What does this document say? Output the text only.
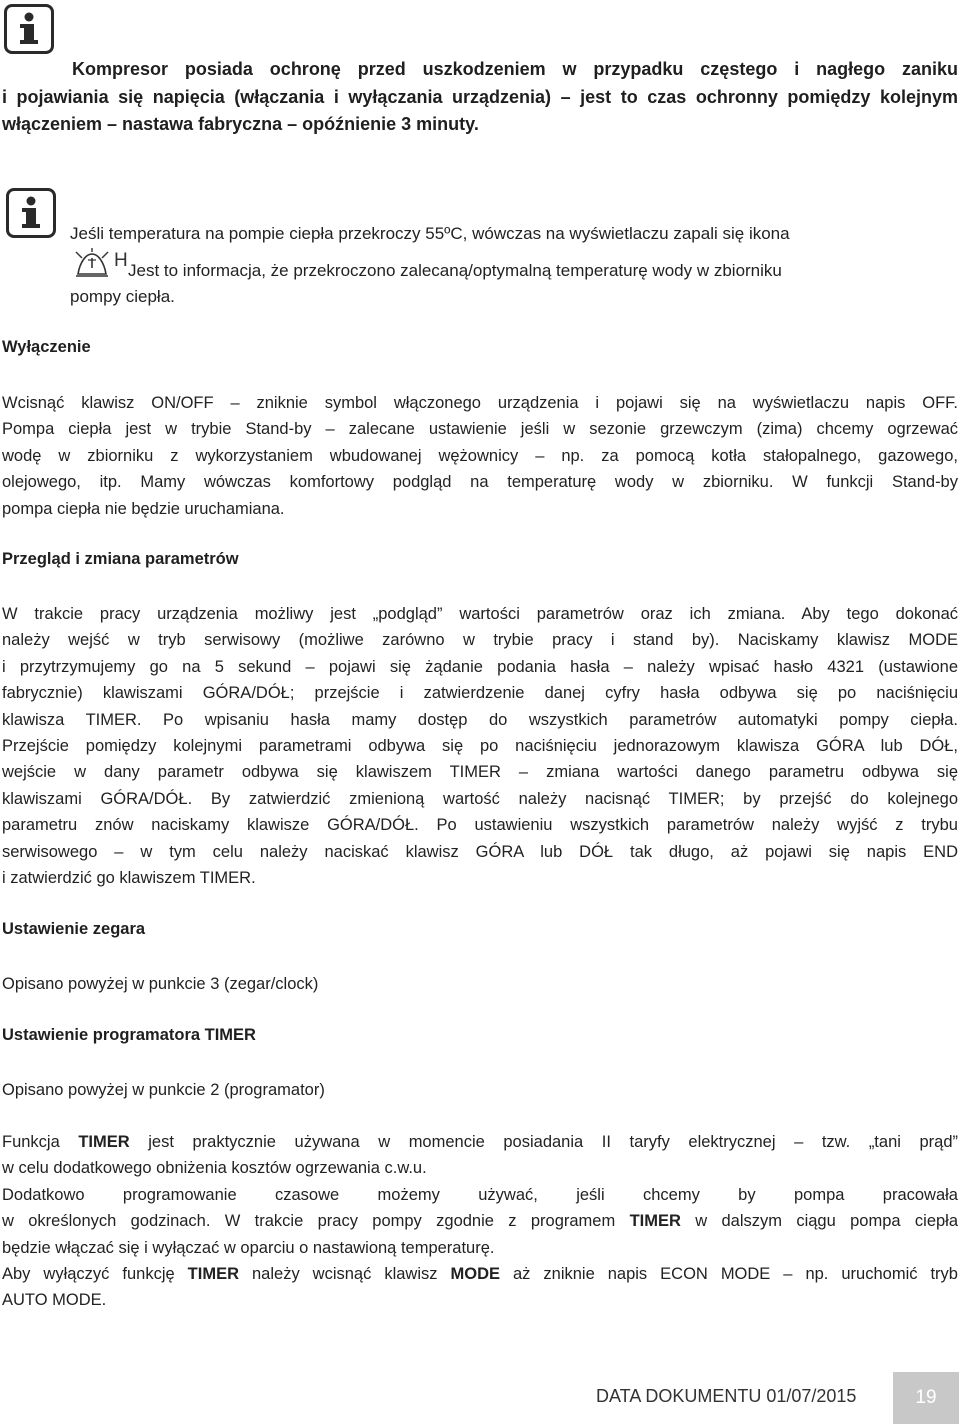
Kompresor posiada ochronę przed uszkodzeniem w przypadku częstego i nagłego zaniku
i pojawiania się napięcia (włączania i wyłączania urządzenia) – jest to czas ochronny pomiędzy kolejnym
włączeniem – nastawa fabryczna – opóźnienie 3 minuty.
Jeśli temperatura na pompie ciepła przekroczy 55ºC, wówczas na wyświetlaczu zapali się ikona
H Jest to informacja, że przekroczono zalecaną/optymalną temperaturę wody w zbiorniku
pompy ciepła.
Wyłączenie
Wcisnąć klawisz ON/OFF – zniknie symbol włączonego urządzenia i pojawi się na wyświetlaczu napis OFF.
Pompa ciepła jest w trybie Stand-by – zalecane ustawienie jeśli w sezonie grzewczym (zima) chcemy ogrzewać
wodę w zbiorniku z wykorzystaniem wbudowanej wężownicy – np. za pomocą kotła stałopalnego, gazowego,
olejowego, itp. Mamy wówczas komfortowy podgląd na temperaturę wody w zbiorniku. W funkcji Stand-by
pompa ciepła nie będzie uruchamiana.
Przegląd i zmiana parametrów
W trakcie pracy urządzenia możliwy jest „podgląd” wartości parametrów oraz ich zmiana. Aby tego dokonać
należy wejść w tryb serwisowy (możliwe zarówno w trybie pracy i stand by). Naciskamy klawisz MODE
i przytrzymujemy go na 5 sekund – pojawi się żądanie podania hasła – należy wpisać hasło 4321 (ustawione
fabrycznie) klawiszami GÓRA/DÓŁ; przejście i zatwierdzenie danej cyfry hasła odbywa się po naciśnięciu
klawisza TIMER. Po wpisaniu hasła mamy dostęp do wszystkich parametrów automatyki pompy ciepła.
Przejście pomiędzy kolejnymi parametrami odbywa się po naciśnięciu jednorazowym klawisza GÓRA lub DÓŁ,
wejście w dany parametr odbywa się klawiszem TIMER – zmiana wartości danego parametru odbywa się
klawiszami GÓRA/DÓŁ. By zatwierdzić zmienioną wartość należy nacisnąć TIMER; by przejść do kolejnego
parametru znów naciskamy klawisze GÓRA/DÓŁ. Po ustawieniu wszystkich parametrów należy wyjść z trybu
serwisowego – w tym celu należy naciskać klawisz GÓRA lub DÓŁ tak długo, aż pojawi się napis END
i zatwierdzić go klawiszem TIMER.
Ustawienie zegara
Opisano powyżej w punkcie 3 (zegar/clock)
Ustawienie programatora TIMER
Opisano powyżej w punkcie 2 (programator)
Funkcja TIMER jest praktycznie używana w momencie posiadania II taryfy elektrycznej – tzw. „tani prąd”
w celu dodatkowego obniżenia kosztów ogrzewania c.w.u.
Dodatkowo programowanie czasowe możemy używać, jeśli chcemy by pompa pracowała
w określonych godzinach. W trakcie pracy pompy zgodnie z programem TIMER w dalszym ciągu pompa ciepła
będzie włączać się i wyłączać w oparciu o nastawioną temperaturę.
Aby wyłączyć funkcję TIMER należy wcisnąć klawisz MODE aż zniknie napis ECON MODE – np. uruchomić tryb
AUTO MODE.
DATA DOKUMENTU 01/07/2015	19
